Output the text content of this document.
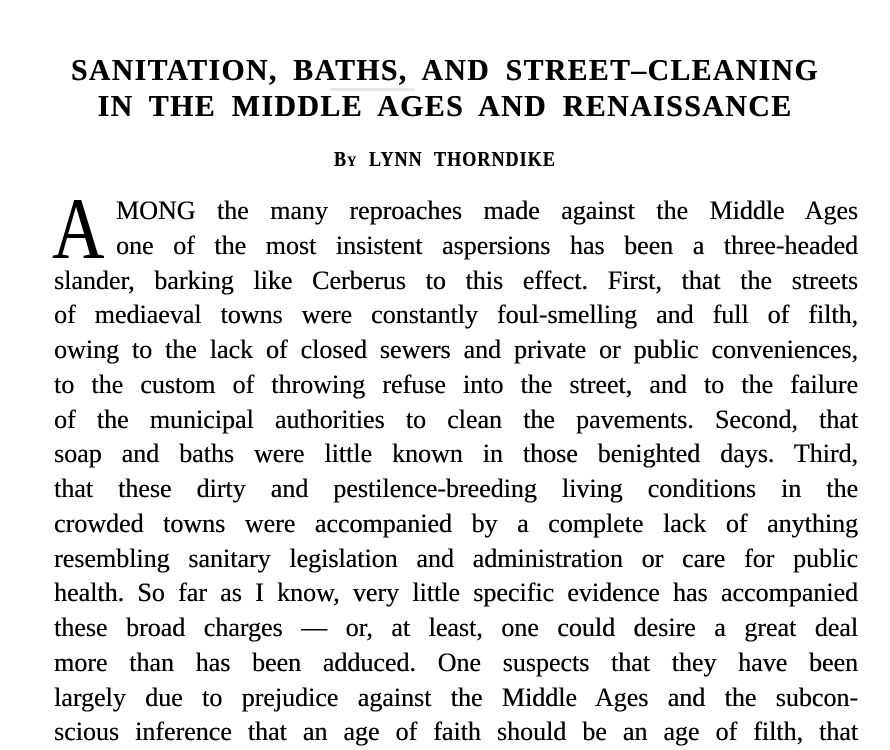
SANITATION, BATHS, AND STREET–CLEANING
IN THE MIDDLE AGES AND RENAISSANCE
By LYNN THORNDIKE
A MONG the many reproaches made against the Middle Ages
one of the most insistent aspersions has been a three-headed
slander, barking like Cerberus to this effect. First, that the streets
of mediaeval towns were constantly foul-smelling and full of filth,
owing to the lack of closed sewers and private or public conveniences,
to the custom of throwing refuse into the street, and to the failure
of the municipal authorities to clean the pavements. Second, that
soap and baths were little known in those benighted days. Third,
that these dirty and pestilence-breeding living conditions in the
crowded towns were accompanied by a complete lack of anything
resembling sanitary legislation and administration or care for public
health. So far as I know, very little specific evidence has accompanied
these broad charges — or, at least, one could desire a great deal
more than has been adduced. One suspects that they have been
largely due to prejudice against the Middle Ages and the subcon-
scious inference that an age of faith should be an age of filth, that
